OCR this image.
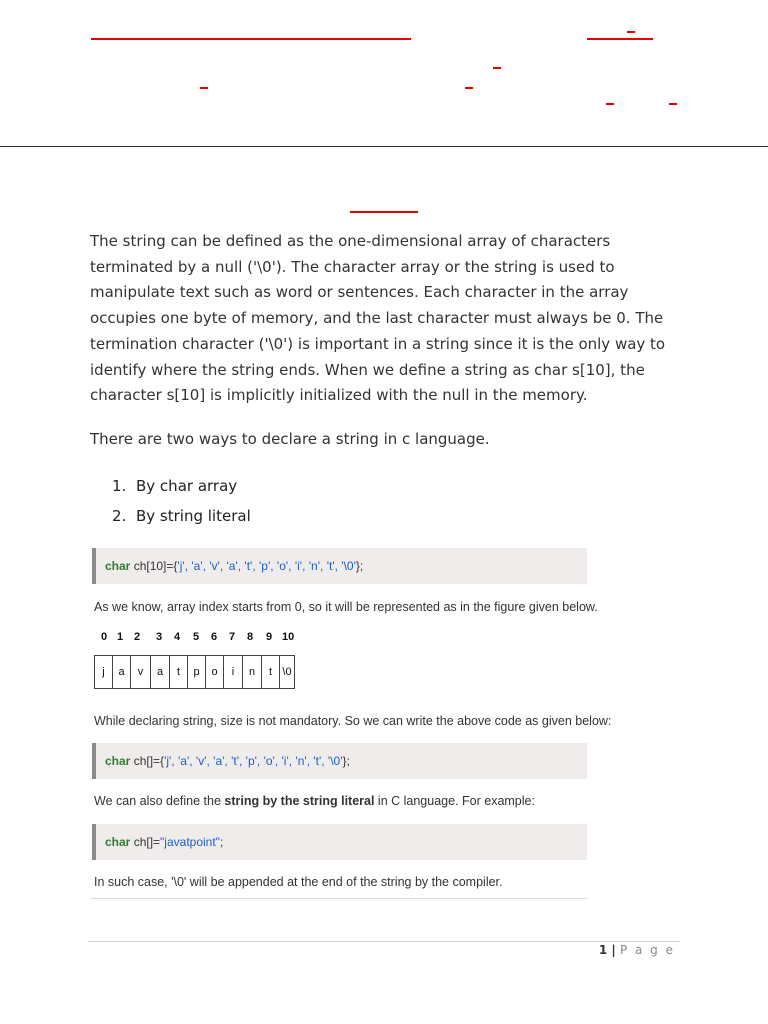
The string can be defined as the one-dimensional array of characters terminated by a null ('\0'). The character array or the string is used to manipulate text such as word or sentences. Each character in the array occupies one byte of memory, and the last character must always be 0. The termination character ('\0') is important in a string since it is the only way to identify where the string ends. When we define a string as char s[10], the character s[10] is implicitly initialized with the null in the memory.
There are two ways to declare a string in c language.
1. By char array
2. By string literal
char ch[10]={'j', 'a', 'v', 'a', 't', 'p', 'o', 'i', 'n', 't', '\0'};
As we know, array index starts from 0, so it will be represented as in the figure given below.
0 1 2 3 4 5 6 7 8 9 10
j	a	v	a	t	p	o	i	n	t	\0
While declaring string, size is not mandatory. So we can write the above code as given below:
char ch[]={'j', 'a', 'v', 'a', 't', 'p', 'o', 'i', 'n', 't', '\0'};
We can also define the string by the string literal in C language. For example:
char ch[]="javatpoint";
In such case, '\0' will be appended at the end of the string by the compiler.
1 | P a g e
